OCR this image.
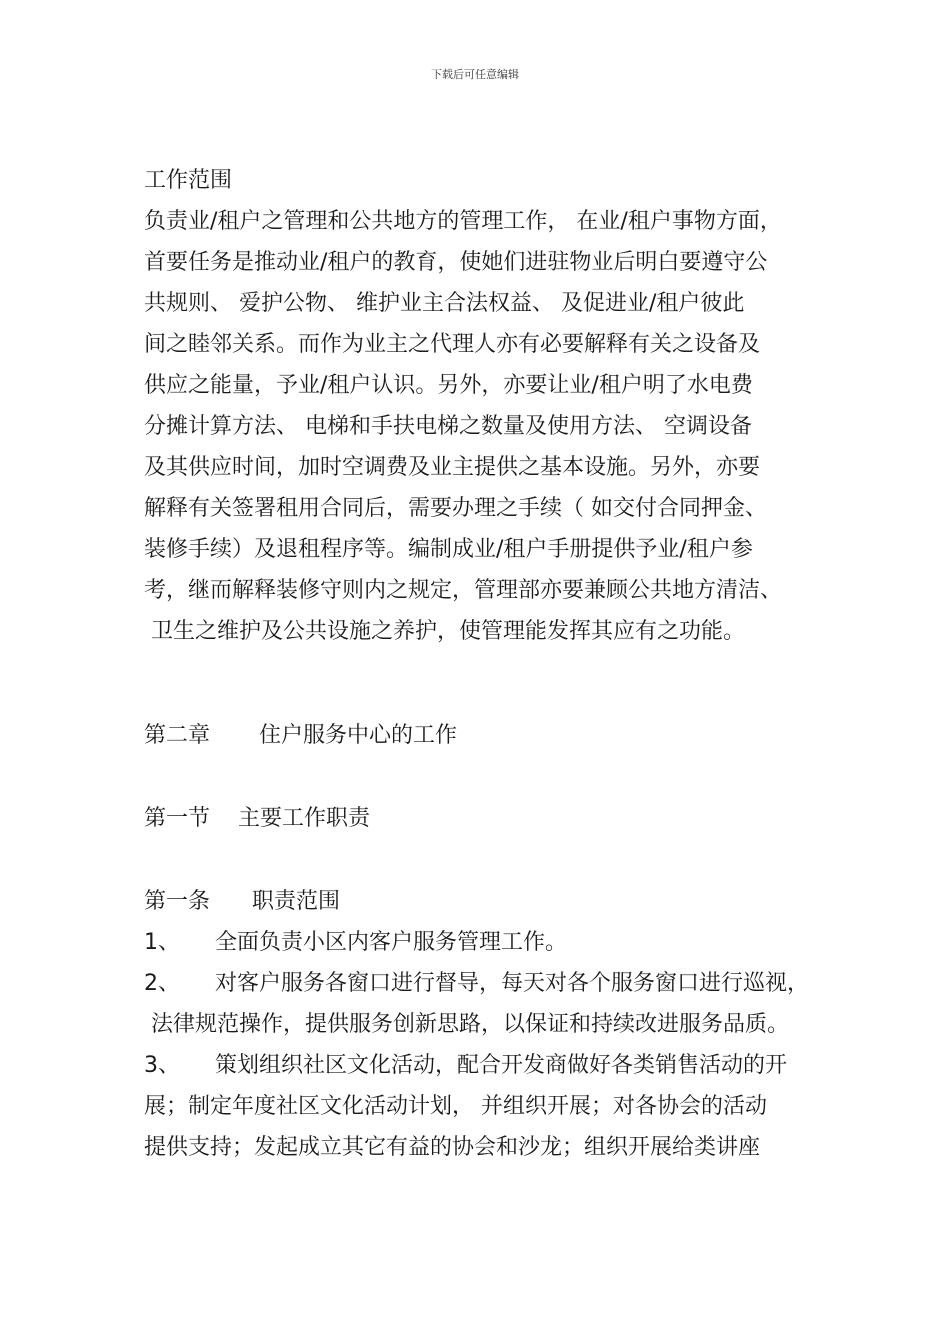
下载后可任意编辑
工作范围
负责业/租户之管理和公共地方的管理工作， 在业/租户事物方面，
首要任务是推动业/租户的教育，使她们进驻物业后明白要遵守公
共规则、 爱护公物、 维护业主合法权益、 及促进业/租户彼此
间之睦邻关系。而作为业主之代理人亦有必要解释有关之设备及
供应之能量，予业/租户认识。另外，亦要让业/租户明了水电费
分摊计算方法、 电梯和手扶电梯之数量及使用方法、 空调设备
及其供应时间，加时空调费及业主提供之基本设施。另外，亦要
解释有关签署租用合同后，需要办理之手续（ 如交付合同押金、
装修手续）及退租程序等。编制成业/租户手册提供予业/租户参
考，继而解释装修守则内之规定，管理部亦要兼顾公共地方清洁、
卫生之维护及公共设施之养护，使管理能发挥其应有之功能。
第二章       住户服务中心的工作
第一节    主要工作职责
第一条      职责范围
1、     全面负责小区内客户服务管理工作。
2、     对客户服务各窗口进行督导，每天对各个服务窗口进行巡视，
法律规范操作，提供服务创新思路，以保证和持续改进服务品质。
3、     策划组织社区文化活动，配合开发商做好各类销售活动的开
展；制定年度社区文化活动计划， 并组织开展；对各协会的活动
提供支持；发起成立其它有益的协会和沙龙；组织开展给类讲座
